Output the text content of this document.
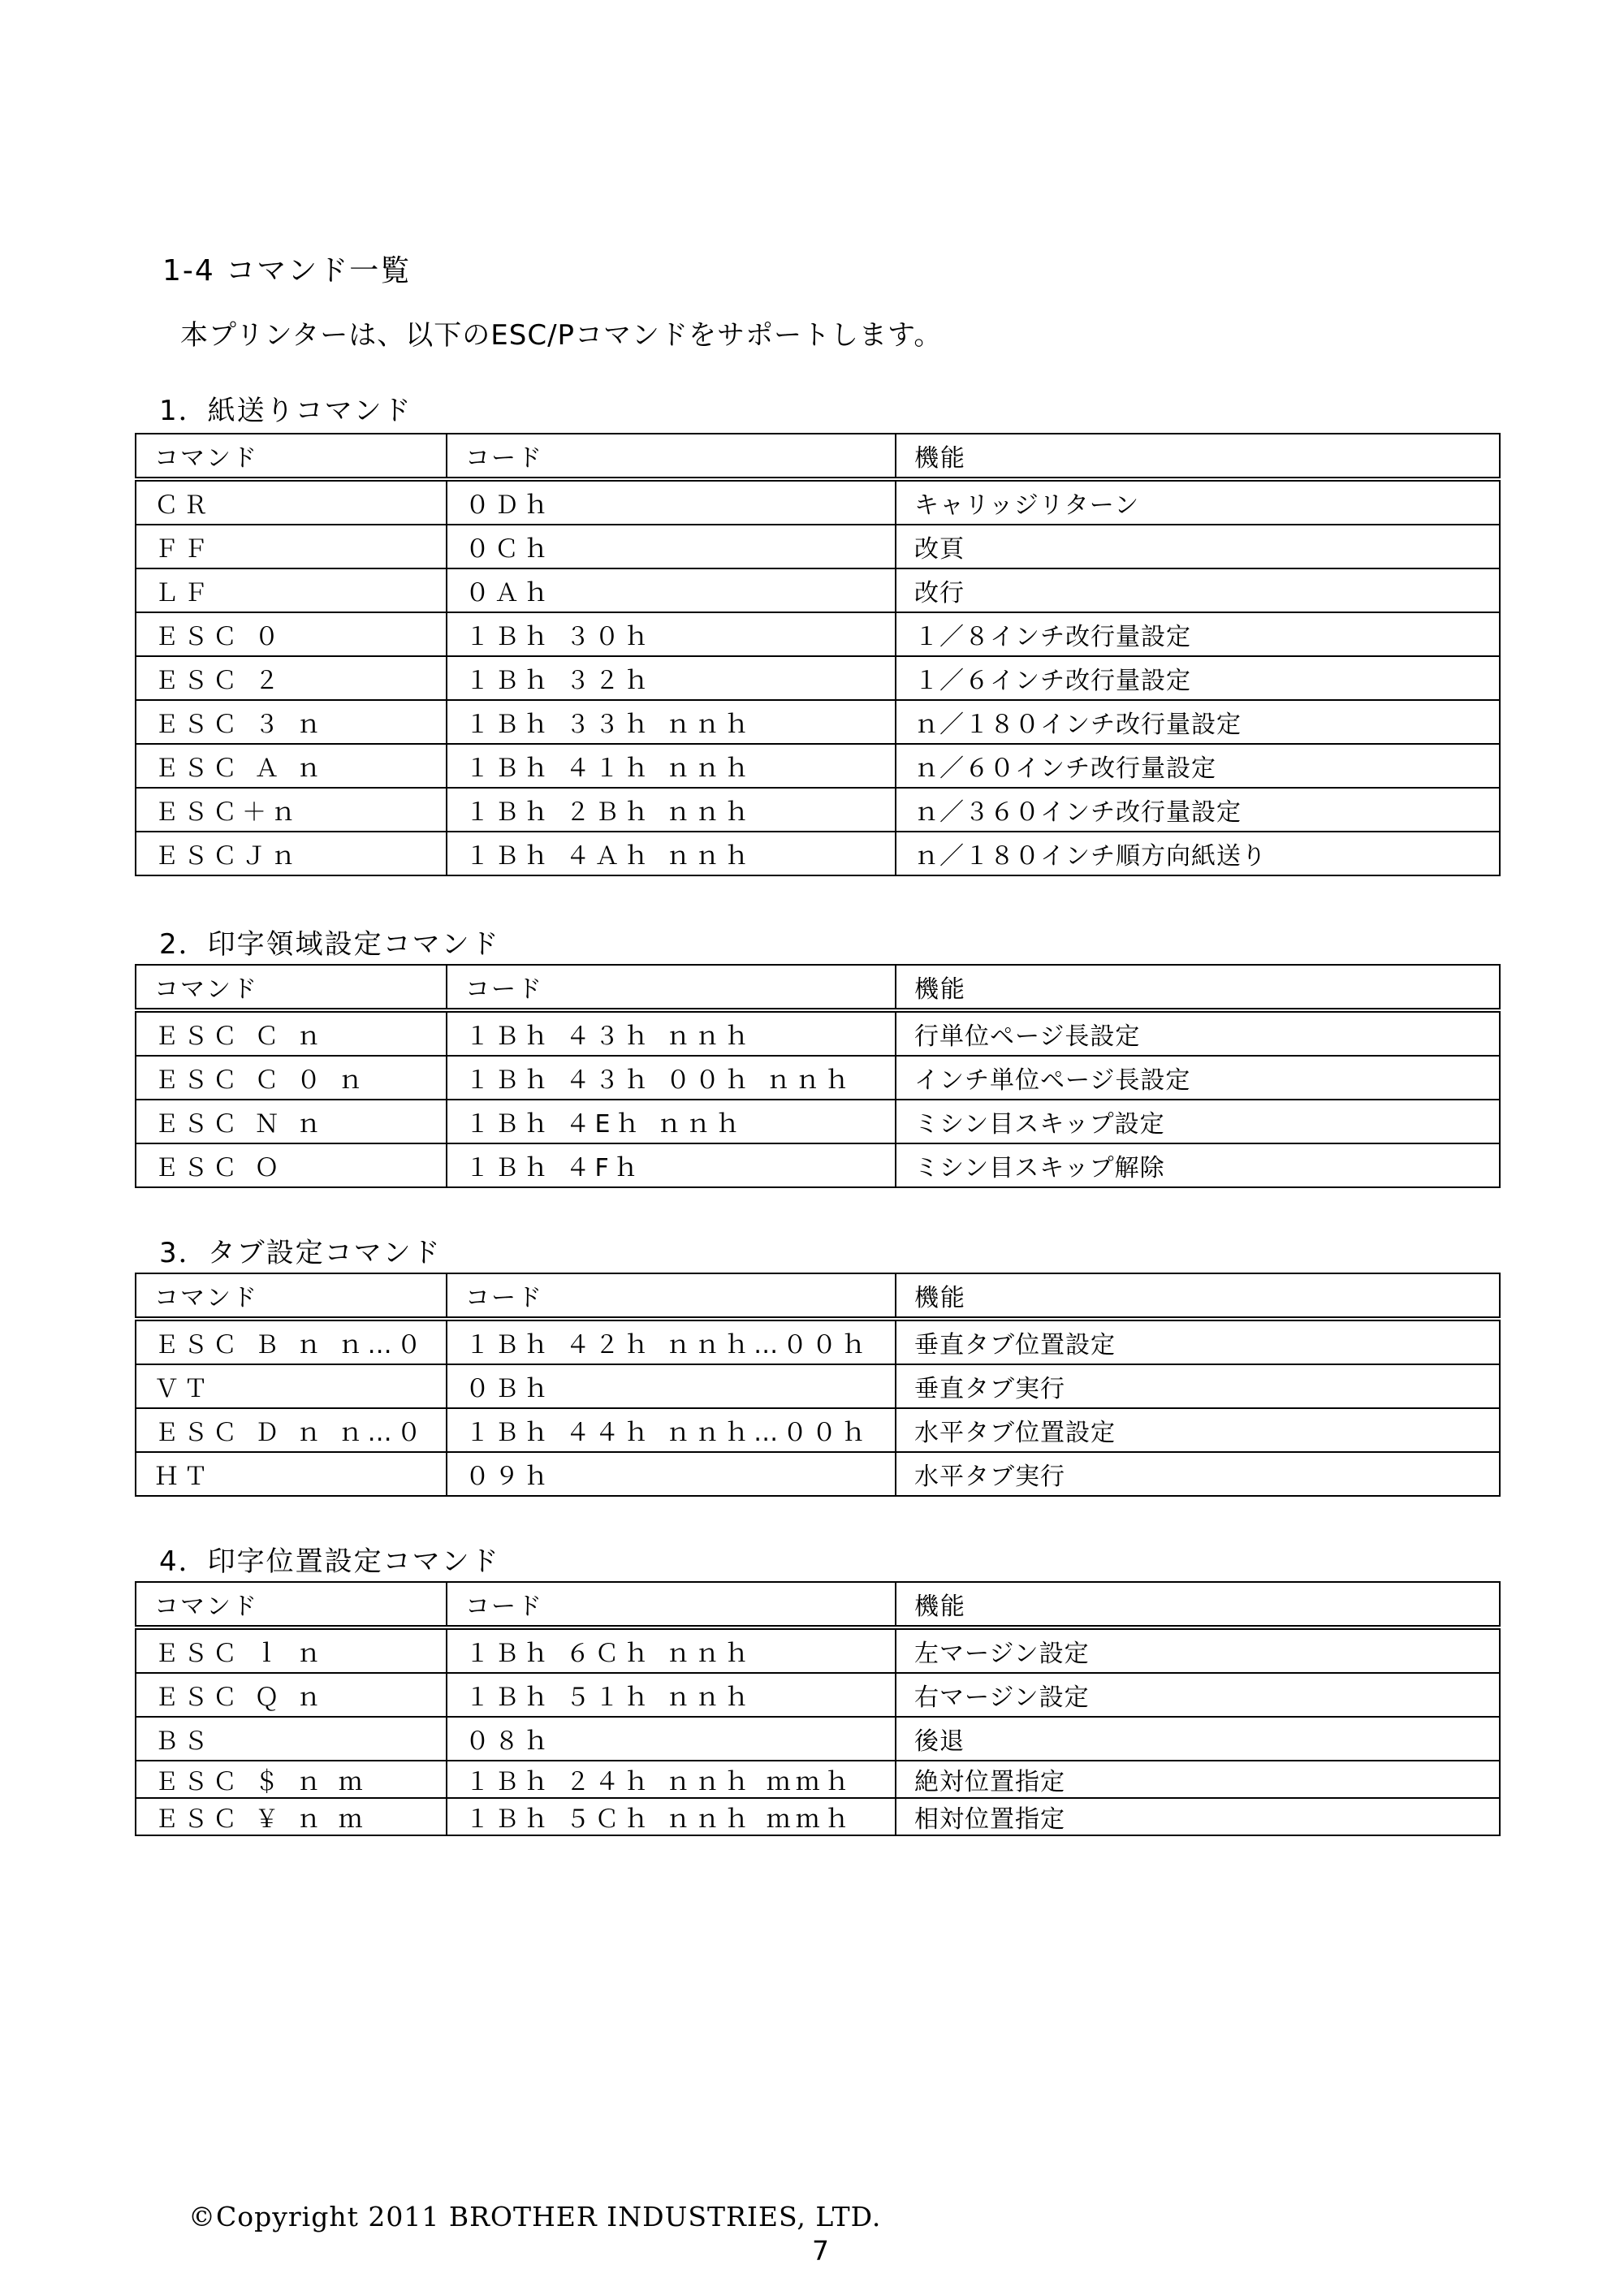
1-4 コマンド一覧
本プリンターは、以下のESC/Pコマンドをサポートします。
1．紙送りコマンド
コマンド	コード	機能
ＣＲ	０Ｄｈ	キャリッジリターン
ＦＦ	０Ｃｈ	改頁
ＬＦ	０Ａｈ	改行
ＥＳＣ ０	１Ｂｈ ３０ｈ	１／８インチ改行量設定
ＥＳＣ ２	１Ｂｈ ３２ｈ	１／６インチ改行量設定
ＥＳＣ ３ ｎ	１Ｂｈ ３３ｈ ｎｎｈ	ｎ／１８０インチ改行量設定
ＥＳＣ Ａ ｎ	１Ｂｈ ４１ｈ ｎｎｈ	ｎ／６０インチ改行量設定
ＥＳＣ＋ｎ	１Ｂｈ ２Ｂｈ ｎｎｈ	ｎ／３６０インチ改行量設定
ＥＳＣＪｎ	１Ｂｈ ４Ａｈ ｎｎｈ	ｎ／１８０インチ順方向紙送り
2．印字領域設定コマンド
コマンド	コード	機能
ＥＳＣ Ｃ ｎ	１Ｂｈ ４３ｈ ｎｎｈ	行単位ページ長設定
ＥＳＣ Ｃ ０ ｎ	１Ｂｈ ４３ｈ ００ｈ ｎｎｈ	インチ単位ページ長設定
ＥＳＣ Ｎ ｎ	１Ｂｈ ４Eｈ ｎｎｈ	ミシン目スキップ設定
ＥＳＣ Ｏ	１Ｂｈ ４Fｈ	ミシン目スキップ解除
3．タブ設定コマンド
コマンド	コード	機能
ＥＳＣ Ｂ ｎ ｎ…０	１Ｂｈ ４２ｈ ｎｎｈ…００ｈ	垂直タブ位置設定
ＶＴ	０Ｂｈ	垂直タブ実行
ＥＳＣ Ｄ ｎ ｎ…０	１Ｂｈ ４４ｈ ｎｎｈ…００ｈ	水平タブ位置設定
ＨＴ	０９ｈ	水平タブ実行
4．印字位置設定コマンド
コマンド	コード	機能
ＥＳＣ ｌ ｎ	１Ｂｈ ６Ｃｈ ｎｎｈ	左マージン設定
ＥＳＣ Ｑ ｎ	１Ｂｈ ５１ｈ ｎｎｈ	右マージン設定
ＢＳ	０８ｈ	後退
ＥＳＣ ＄ ｎ ｍ	１Ｂｈ ２４ｈ ｎｎｈ ｍｍｈ	絶対位置指定
ＥＳＣ ￥ ｎ ｍ	１Ｂｈ ５Ｃｈ ｎｎｈ ｍｍｈ	相対位置指定
©Copyright 2011 BROTHER INDUSTRIES, LTD.
7
